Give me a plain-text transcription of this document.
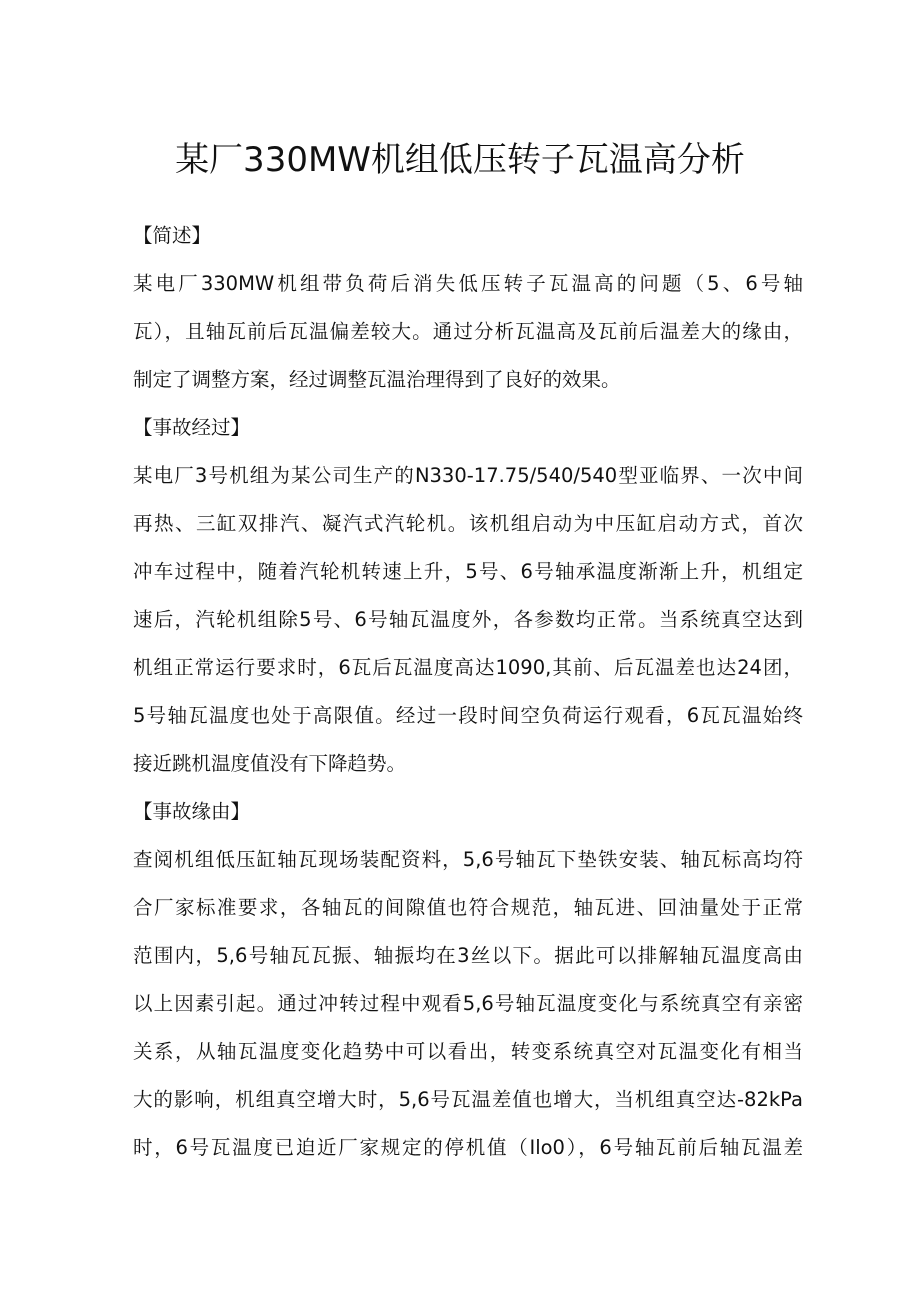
某厂330MW机组低压转子瓦温高分析

【简述】

某电厂330MW机组带负荷后消失低压转子瓦温高的问题（5、6号轴
瓦），且轴瓦前后瓦温偏差较大。通过分析瓦温高及瓦前后温差大的缘由，
制定了调整方案，经过调整瓦温治理得到了良好的效果。

【事故经过】

某电厂3号机组为某公司生产的N330-17.75/540/540型亚临界、一次中间
再热、三缸双排汽、凝汽式汽轮机。该机组启动为中压缸启动方式，首次
冲车过程中，随着汽轮机转速上升，5号、6号轴承温度渐渐上升，机组定
速后，汽轮机组除5号、6号轴瓦温度外，各参数均正常。当系统真空达到
机组正常运行要求时，6瓦后瓦温度高达1090,其前、后瓦温差也达24团，
5号轴瓦温度也处于高限值。经过一段时间空负荷运行观看，6瓦瓦温始终
接近跳机温度值没有下降趋势。

【事故缘由】

查阅机组低压缸轴瓦现场装配资料，5,6号轴瓦下垫铁安装、轴瓦标高均符
合厂家标准要求，各轴瓦的间隙值也符合规范，轴瓦进、回油量处于正常
范围内，5,6号轴瓦瓦振、轴振均在3丝以下。据此可以排解轴瓦温度高由
以上因素引起。通过冲转过程中观看5,6号轴瓦温度变化与系统真空有亲密
关系，从轴瓦温度变化趋势中可以看出，转变系统真空对瓦温变化有相当
大的影响，机组真空增大时，5,6号瓦温差值也增大，当机组真空达-82kPa
时，6号瓦温度已迫近厂家规定的停机值（Ilo0），6号轴瓦前后轴瓦温差
